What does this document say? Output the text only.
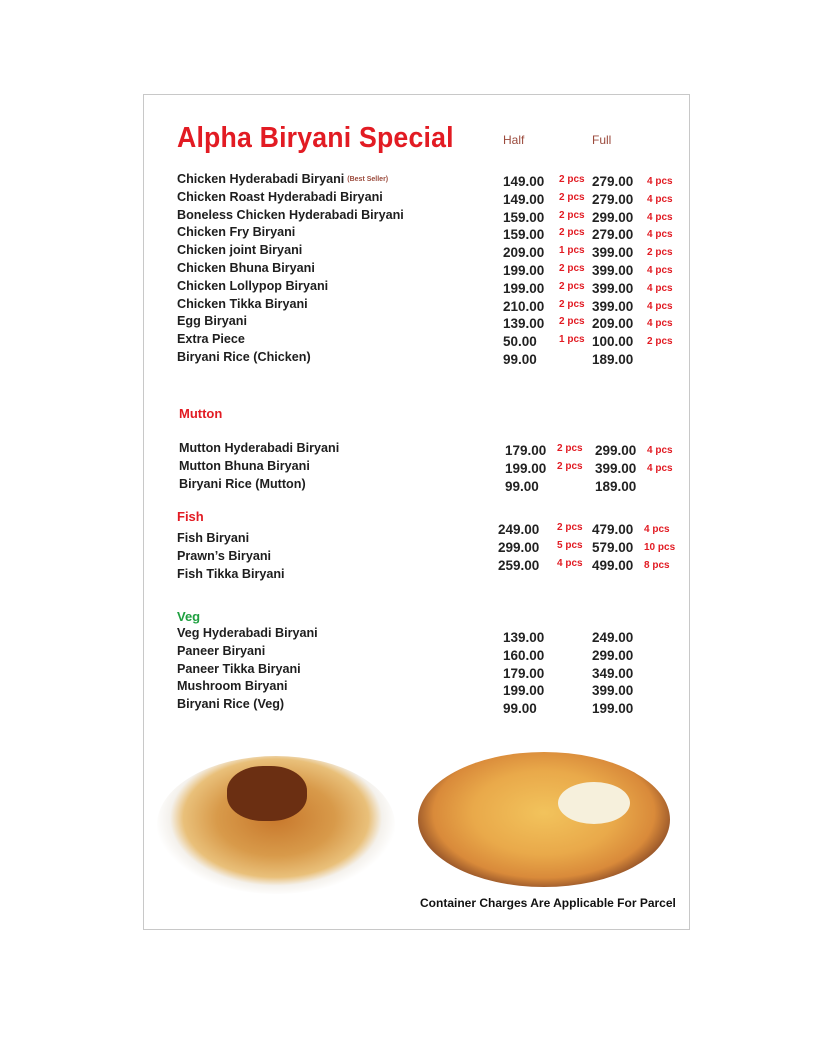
Alpha Biryani Special	Half	Full
Mutton
Fish
Veg
Chicken Hyderabadi Biryani (Best Seller)	149.00 2 pcs 279.00 4 pcs
Chicken Roast Hyderabadi Biryani	149.00 2 pcs 279.00 4 pcs
Boneless Chicken Hyderabadi Biryani	159.00 2 pcs 299.00 4 pcs
Chicken Fry Biryani	159.00 2 pcs 279.00 4 pcs
Chicken joint Biryani	209.00 1 pcs 399.00 2 pcs
Chicken Bhuna Biryani	199.00 2 pcs 399.00 4 pcs
Chicken Lollypop Biryani	199.00 2 pcs 399.00 4 pcs
Chicken Tikka Biryani	210.00 2 pcs 399.00 4 pcs
Egg Biryani	139.00 2 pcs 209.00 4 pcs
Extra Piece	50.00 1 pcs 100.00 2 pcs
Biryani Rice (Chicken)	99.00	189.00
Mutton Hyderabadi Biryani	179.00 2 pcs 299.00 4 pcs
Mutton Bhuna Biryani	199.00 2 pcs 399.00 4 pcs
Biryani Rice (Mutton)	99.00	189.00
Fish Biryani
249.00 2 pcs 479.00 4 pcs
Prawn’s Biryani
299.00 5 pcs 579.00 10 pcs
Fish Tikka Biryani
259.00 4 pcs 499.00 8 pcs
Veg Hyderabadi Biryani	139.00	249.00
Paneer Biryani	160.00	299.00
Paneer Tikka Biryani	179.00	349.00
Mushroom Biryani	199.00	399.00
Biryani Rice (Veg)	99.00	199.00
Container Charges Are Applicable For Parcel
